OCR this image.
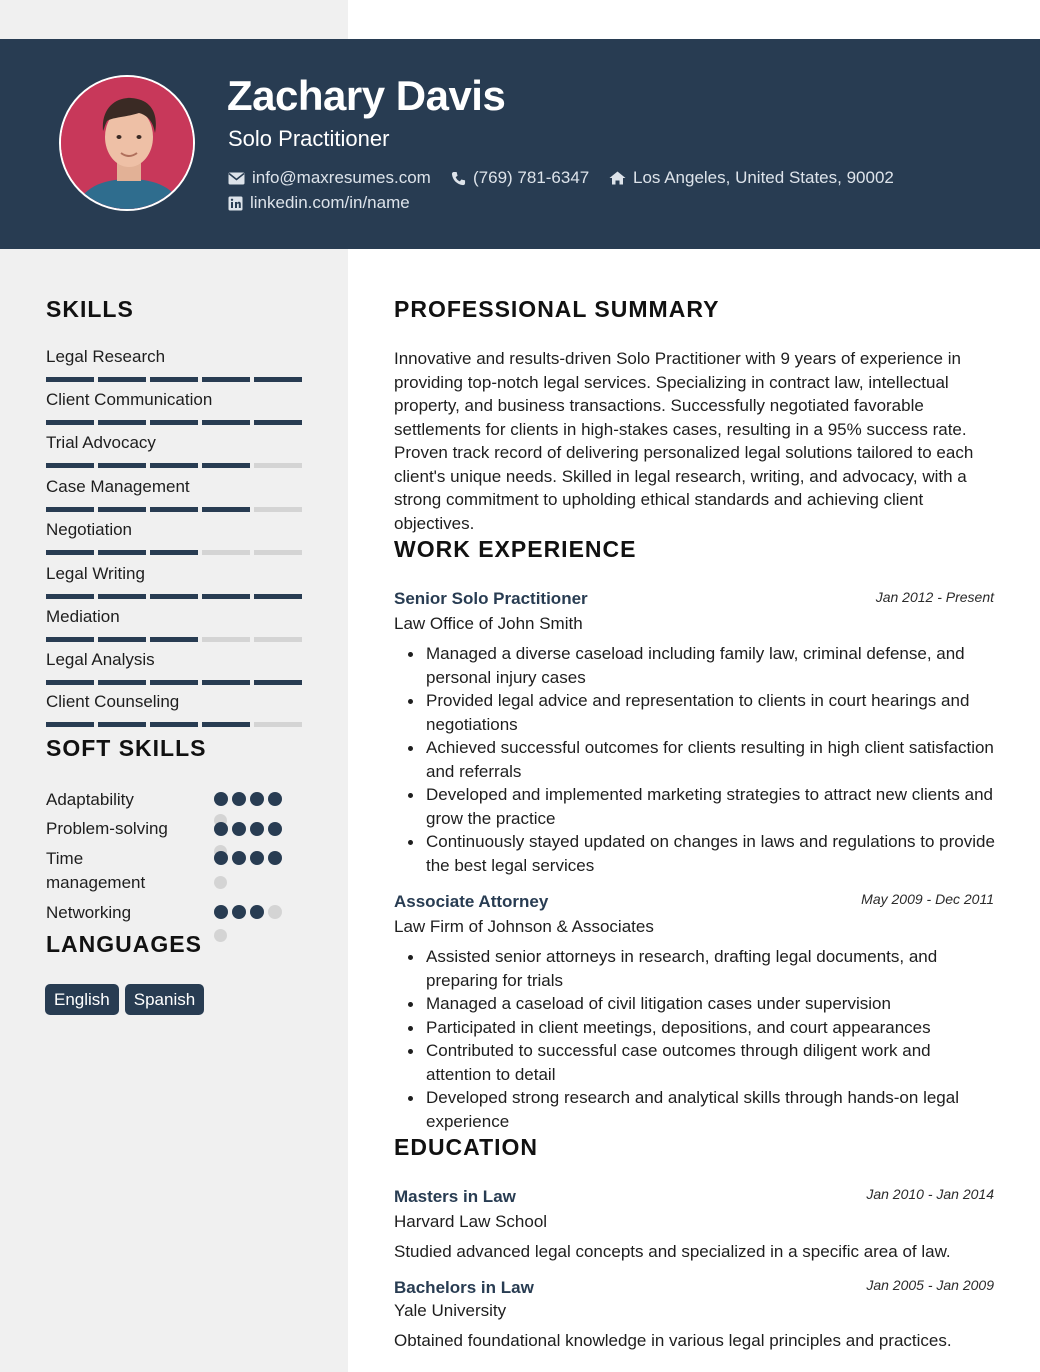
Zachary Davis
Solo Practitioner
info@maxresumes.com (769) 781-6347	Los Angeles, United States, 90002
linkedin.com/in/name
SKILLS
Legal Research
Client Communication
Trial Advocacy
Case Management
Negotiation
Legal Writing
Mediation
Legal Analysis
Client Counseling
SOFT SKILLS
Adaptability
Problem-solving
Time management
Networking
LANGUAGES
English	Spanish
PROFESSIONAL SUMMARY
Innovative and results-driven Solo Practitioner with 9 years of experience in providing top-notch legal services. Specializing in contract law, intellectual property, and business transactions. Successfully negotiated favorable settlements for clients in high-stakes cases, resulting in a 95% success rate. Proven track record of delivering personalized legal solutions tailored to each client's unique needs. Skilled in legal research, writing, and advocacy, with a strong commitment to upholding ethical standards and achieving client objectives.
WORK EXPERIENCE
Senior Solo Practitioner	Jan 2012 - Present
Law Office of John Smith
Managed a diverse caseload including family law, criminal defense, and personal injury cases
Provided legal advice and representation to clients in court hearings and negotiations
Achieved successful outcomes for clients resulting in high client satisfaction and referrals
Developed and implemented marketing strategies to attract new clients and grow the practice
Continuously stayed updated on changes in laws and regulations to provide the best legal services
Associate Attorney	May 2009 - Dec 2011
Law Firm of Johnson & Associates
Assisted senior attorneys in research, drafting legal documents, and preparing for trials
Managed a caseload of civil litigation cases under supervision
Participated in client meetings, depositions, and court appearances
Contributed to successful case outcomes through diligent work and attention to detail
Developed strong research and analytical skills through hands-on legal experience
EDUCATION
Masters in Law	Jan 2010 - Jan 2014
Harvard Law School
Studied advanced legal concepts and specialized in a specific area of law.
Bachelors in Law	Jan 2005 - Jan 2009
Yale University
Obtained foundational knowledge in various legal principles and practices.
